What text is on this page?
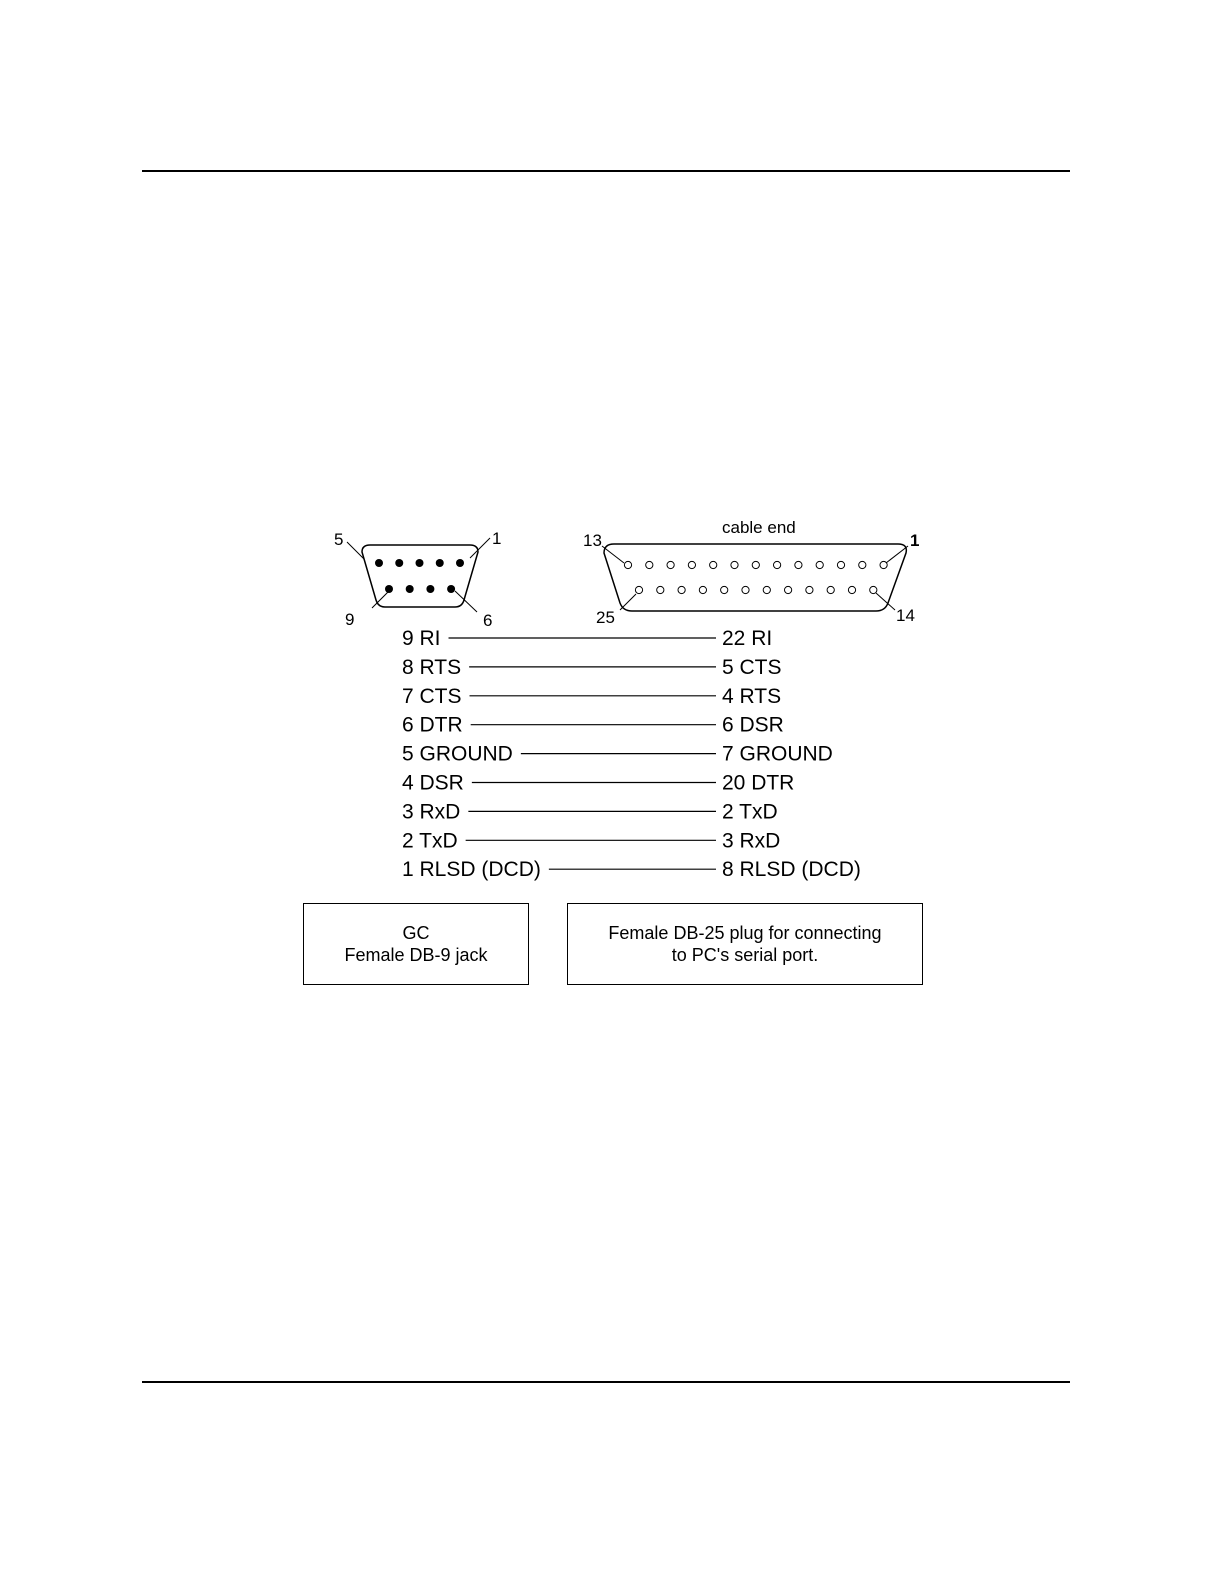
5	1
9	6
cable end
13	1
25	14
9 RI	22 RI
8 RTS	5 CTS
7 CTS	4 RTS
6 DTR	6 DSR
5 GROUND	7 GROUND
4 DSR	20 DTR
3 RxD	2 TxD
2 TxD	3 RxD
1 RLSD (DCD)	8 RLSD (DCD)
GC
Female DB-9 jack
Female DB-25 plug for connecting
to PC's serial port.
